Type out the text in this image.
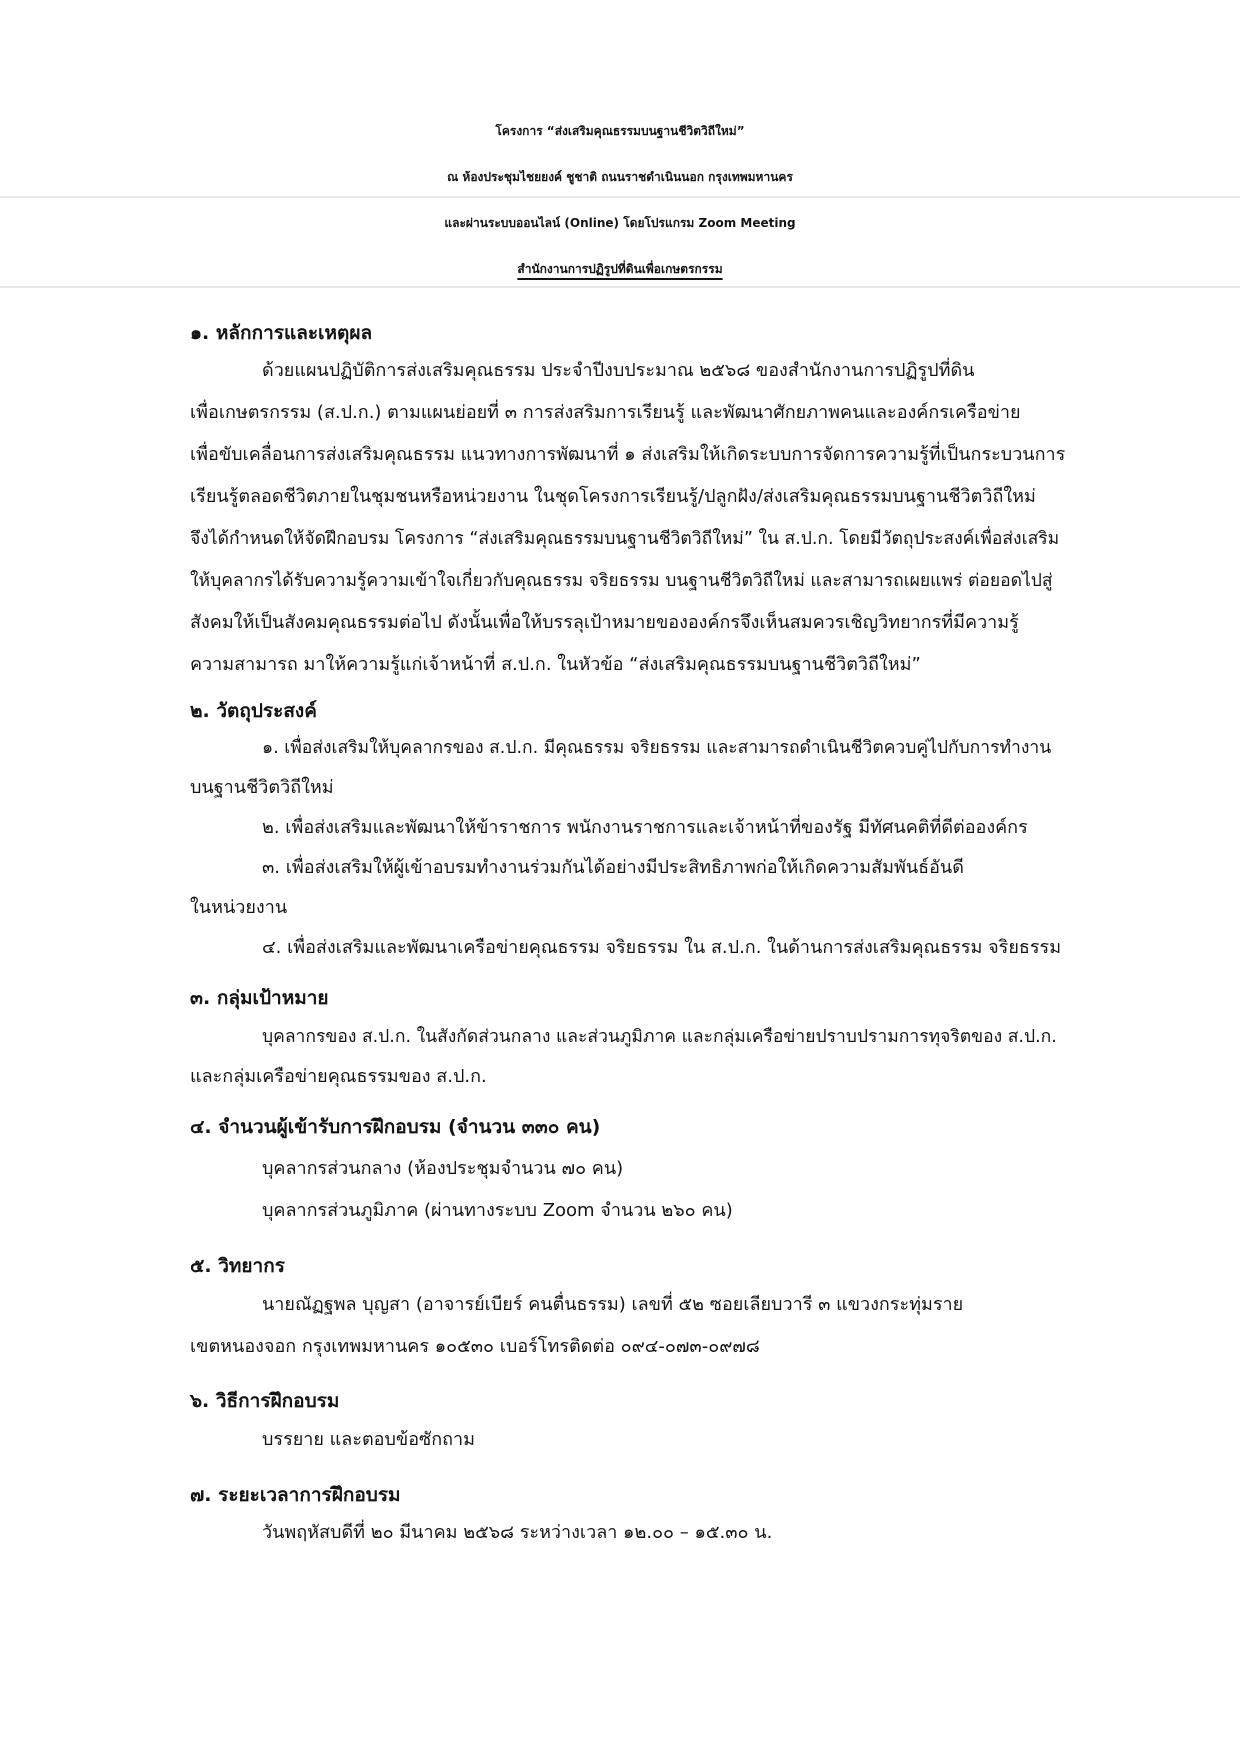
โครงการ “ส่งเสริมคุณธรรมบนฐานชีวิตวิถีใหม่”
ณ ห้องประชุมไชยยงค์ ชูชาติ ถนนราชดำเนินนอก กรุงเทพมหานคร
และผ่านระบบออนไลน์ (Online) โดยโปรแกรม Zoom Meeting
สำนักงานการปฏิรูปที่ดินเพื่อเกษตรกรรม
๑. หลักการและเหตุผล
ด้วยแผนปฏิบัติการส่งเสริมคุณธรรม ประจำปีงบประมาณ ๒๕๖๘ ของสำนักงานการปฏิรูปที่ดิน
เพื่อเกษตรกรรม (ส.ป.ก.) ตามแผนย่อยที่ ๓ การส่งสริมการเรียนรู้ และพัฒนาศักยภาพคนและองค์กรเครือข่าย
เพื่อขับเคลื่อนการส่งเสริมคุณธรรม แนวทางการพัฒนาที่ ๑ ส่งเสริมให้เกิดระบบการจัดการความรู้ที่เป็นกระบวนการ
เรียนรู้ตลอดชีวิตภายในชุมชนหรือหน่วยงาน ในชุดโครงการเรียนรู้/ปลูกฝัง/ส่งเสริมคุณธรรมบนฐานชีวิตวิถีใหม่
จึงได้กำหนดให้จัดฝึกอบรม โครงการ “ส่งเสริมคุณธรรมบนฐานชีวิตวิถีใหม่” ใน ส.ป.ก. โดยมีวัตถุประสงค์เพื่อส่งเสริม
ให้บุคลากรได้รับความรู้ความเข้าใจเกี่ยวกับคุณธรรม จริยธรรม บนฐานชีวิตวิถีใหม่ และสามารถเผยแพร่ ต่อยอดไปสู่
สังคมให้เป็นสังคมคุณธรรมต่อไป ดังนั้นเพื่อให้บรรลุเป้าหมายขององค์กรจึงเห็นสมควรเชิญวิทยากรที่มีความรู้
ความสามารถ มาให้ความรู้แก่เจ้าหน้าที่ ส.ป.ก. ในหัวข้อ “ส่งเสริมคุณธรรมบนฐานชีวิตวิถีใหม่”
๒. วัตถุประสงค์
๑. เพื่อส่งเสริมให้บุคลากรของ ส.ป.ก. มีคุณธรรม จริยธรรม และสามารถดำเนินชีวิตควบคู่ไปกับการทำงาน
บนฐานชีวิตวิถีใหม่
๒. เพื่อส่งเสริมและพัฒนาให้ข้าราชการ พนักงานราชการและเจ้าหน้าที่ของรัฐ มีทัศนคติที่ดีต่อองค์กร
๓. เพื่อส่งเสริมให้ผู้เข้าอบรมทำงานร่วมกันได้อย่างมีประสิทธิภาพก่อให้เกิดความสัมพันธ์อันดี
ในหน่วยงาน
๔. เพื่อส่งเสริมและพัฒนาเครือข่ายคุณธรรม จริยธรรม ใน ส.ป.ก. ในด้านการส่งเสริมคุณธรรม จริยธรรม
๓. กลุ่มเป้าหมาย
บุคลากรของ ส.ป.ก. ในสังกัดส่วนกลาง และส่วนภูมิภาค และกลุ่มเครือข่ายปราบปรามการทุจริตของ ส.ป.ก.
และกลุ่มเครือข่ายคุณธรรมของ ส.ป.ก.
๔. จำนวนผู้เข้ารับการฝึกอบรม (จำนวน ๓๓๐ คน)
บุคลากรส่วนกลาง (ห้องประชุมจำนวน ๗๐ คน)
บุคลากรส่วนภูมิภาค (ผ่านทางระบบ Zoom จำนวน ๒๖๐ คน)
๕. วิทยากร
นายณัฏฐพล บุญสา (อาจารย์เบียร์ คนตื่นธรรม) เลขที่ ๕๒ ซอยเลียบวารี ๓ แขวงกระทุ่มราย
เขตหนองจอก กรุงเทพมหานคร ๑๐๕๓๐ เบอร์โทรติดต่อ ๐๙๔-๐๗๓-๐๙๗๘
๖. วิธีการฝึกอบรม
บรรยาย และตอบข้อซักถาม
๗. ระยะเวลาการฝึกอบรม
วันพฤหัสบดีที่ ๒๐ มีนาคม ๒๕๖๘ ระหว่างเวลา ๑๒.๐๐ – ๑๕.๓๐ น.
